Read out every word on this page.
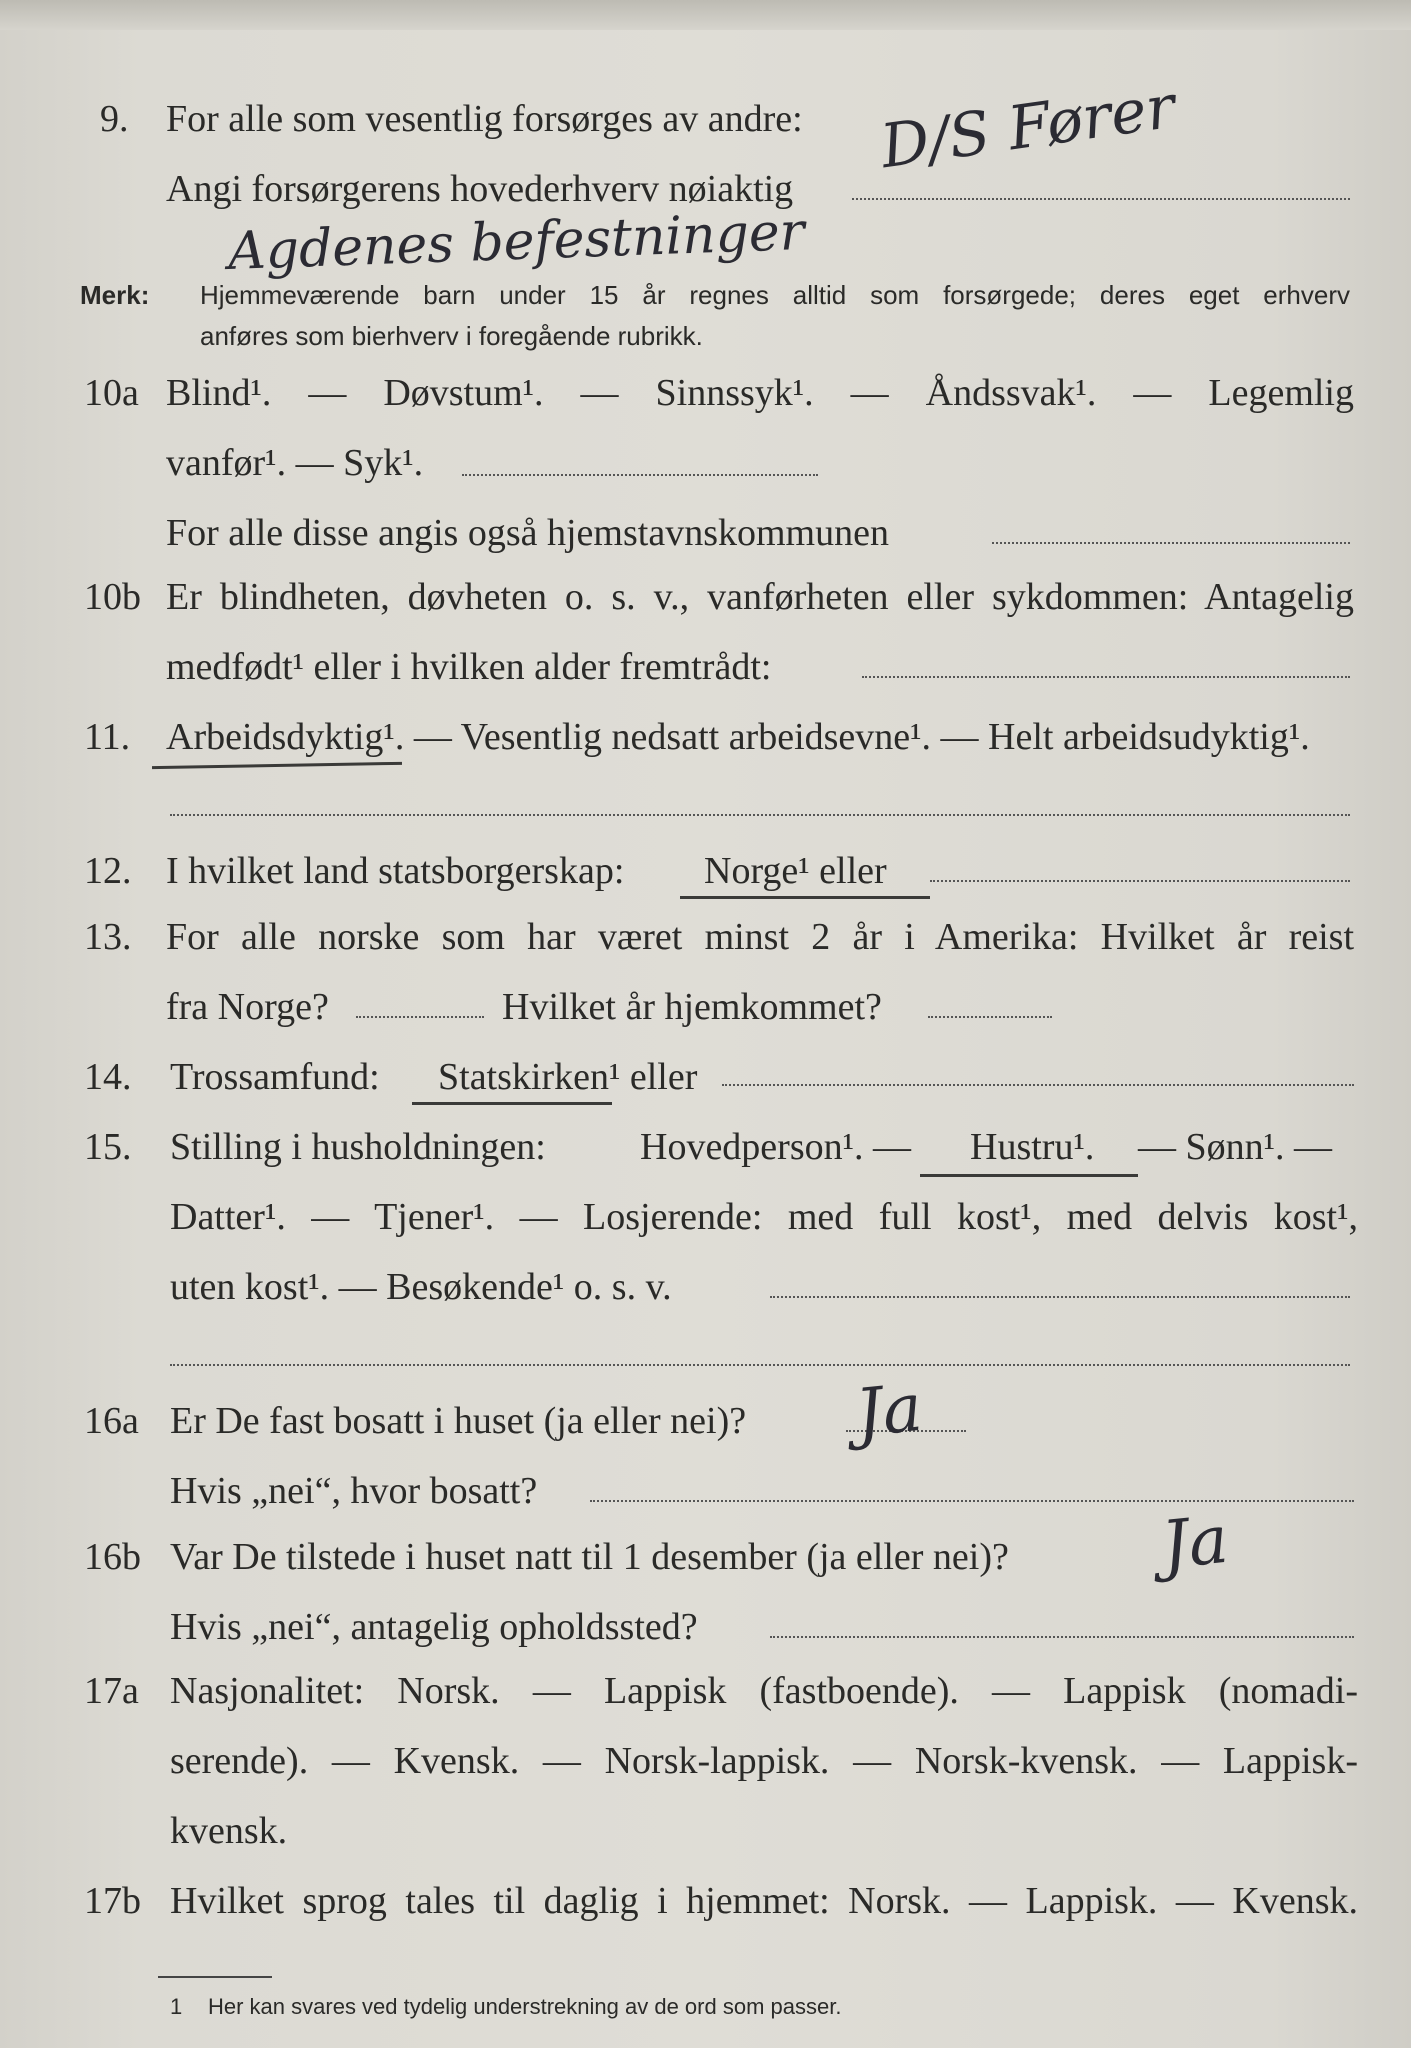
9. For alle som vesentlig forsørges av andre:
Angi forsørgerens hovederhverv nøiaktig
D/S Fører
Agdenes befestninger
Merk: Hjemmeværende barn under 15 år regnes alltid som forsørgede; deres eget erhverv
anføres som bierhverv i foregående rubrikk.
10a Blind¹. — Døvstum¹. — Sinnssyk¹. — Åndssvak¹. — Legemlig
vanfør¹. — Syk¹.
For alle disse angis også hjemstavnskommunen
10b Er blindheten, døvheten o. s. v., vanførheten eller sykdommen: Antagelig
medfødt¹ eller i hvilken alder fremtrådt:
11. Arbeidsdyktig¹. — Vesentlig nedsatt arbeidsevne¹. — Helt arbeidsudyktig¹.
12. I hvilket land statsborgerskap: Norge¹ eller
13. For alle norske som har været minst 2 år i Amerika: Hvilket år reist
fra Norge?	Hvilket år hjemkommet?
14. Trossamfund: Statskirken¹ eller
15. Stilling i husholdningen: Hovedperson¹. — Hustru¹. — Sønn¹. —
Datter¹. — Tjener¹. — Losjerende: med full kost¹, med delvis kost¹,
uten kost¹. — Besøkende¹ o. s. v.
16a Er De fast bosatt i huset (ja eller nei)?
Hvis „nei“, hvor bosatt?
Ja
16b Var De tilstede i huset natt til 1 desember (ja eller nei)?
Hvis „nei“, antagelig opholdssted?
Ja
17a Nasjonalitet: Norsk. — Lappisk (fastboende). — Lappisk (nomadi-
serende). — Kvensk. — Norsk-lappisk. — Norsk-kvensk. — Lappisk-
kvensk.
17b Hvilket sprog tales til daglig i hjemmet: Norsk. — Lappisk. — Kvensk.
1 Her kan svares ved tydelig understrekning av de ord som passer.
